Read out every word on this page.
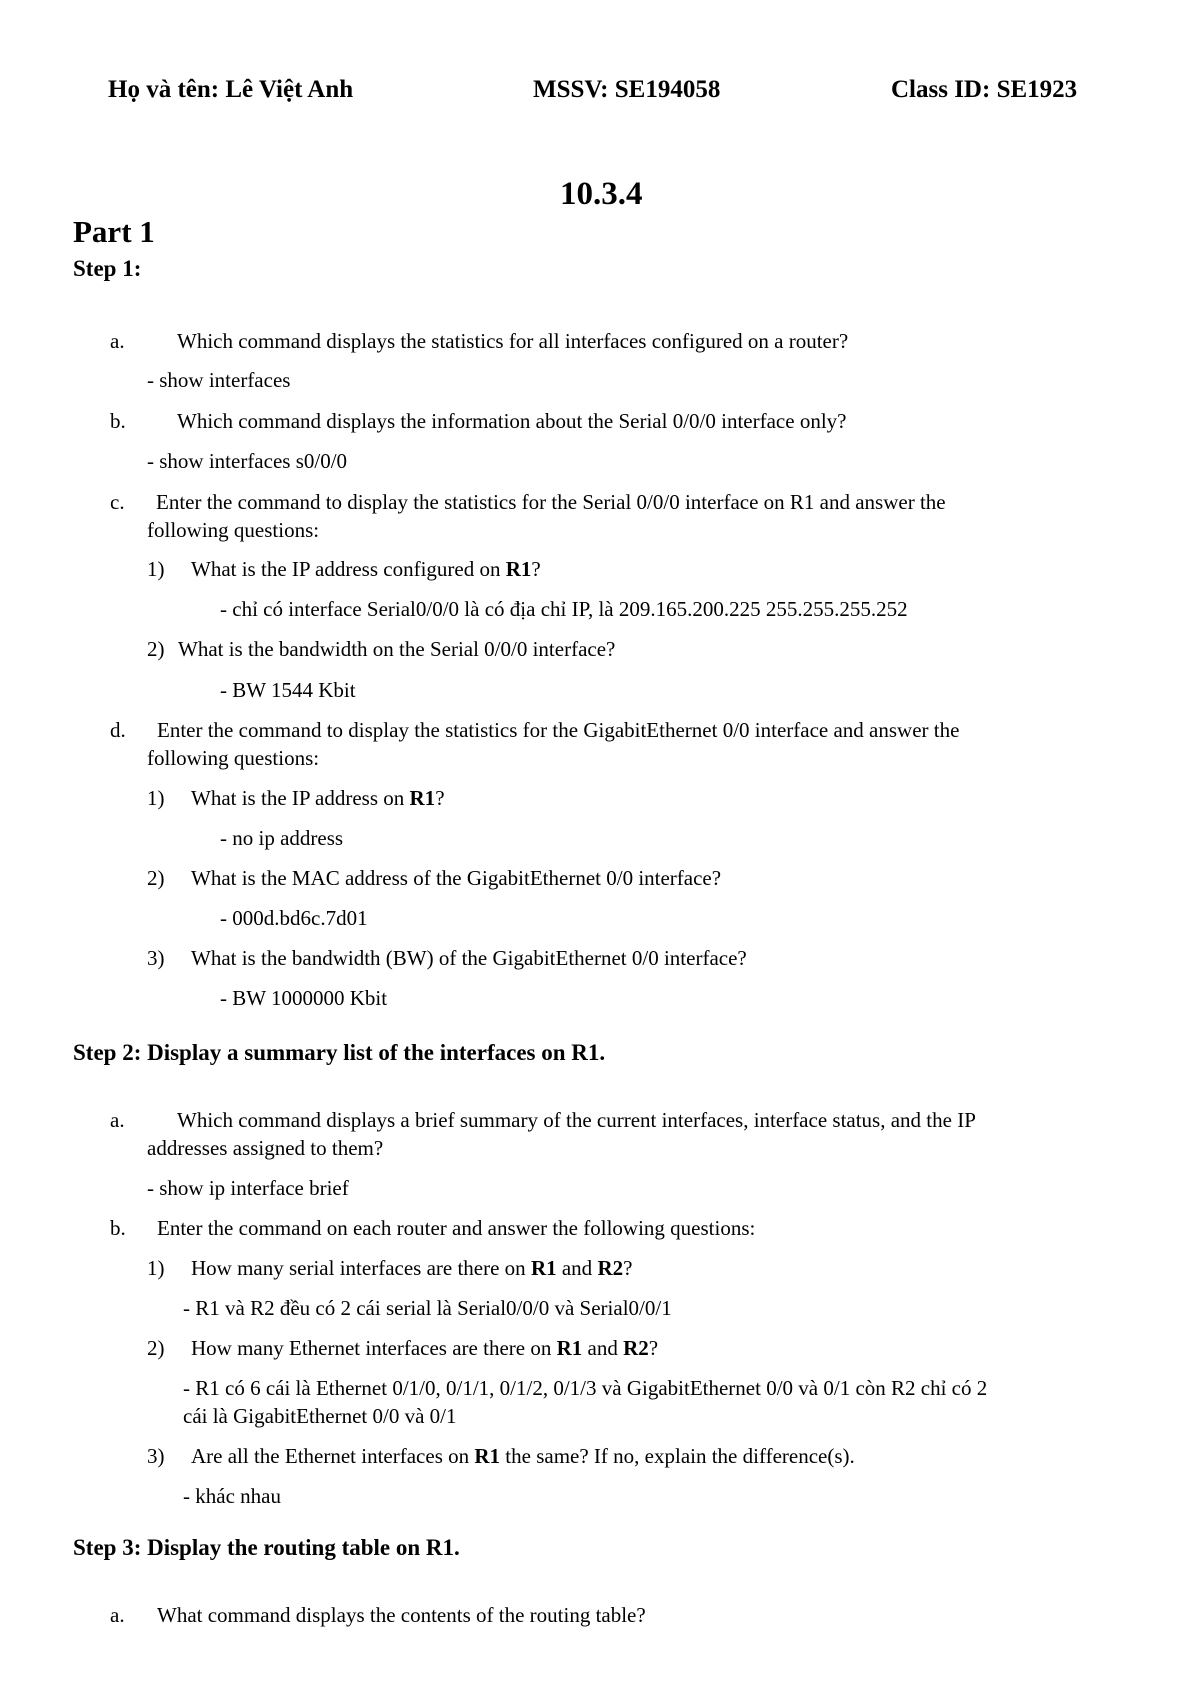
Họ và tên: Lê Việt Anh	MSSV: SE194058	Class ID: SE1923
10.3.4
Part 1
Step 1:
a. Which command displays the statistics for all interfaces configured on a router?
- show interfaces
b. Which command displays the information about the Serial 0/0/0 interface only?
- show interfaces s0/0/0
c. Enter the command to display the statistics for the Serial 0/0/0 interface on R1 and answer the
following questions:
1) What is the IP address configured on R1?
- chỉ có interface Serial0/0/0 là có địa chỉ IP, là 209.165.200.225 255.255.255.252
2) What is the bandwidth on the Serial 0/0/0 interface?
- BW 1544 Kbit
d. Enter the command to display the statistics for the GigabitEthernet 0/0 interface and answer the
following questions:
1) What is the IP address on R1?
- no ip address
2) What is the MAC address of the GigabitEthernet 0/0 interface?
- 000d.bd6c.7d01
3) What is the bandwidth (BW) of the GigabitEthernet 0/0 interface?
- BW 1000000 Kbit
Step 2: Display a summary list of the interfaces on R1.
a. Which command displays a brief summary of the current interfaces, interface status, and the IP
addresses assigned to them?
- show ip interface brief
b. Enter the command on each router and answer the following questions:
1) How many serial interfaces are there on R1 and R2?
- R1 và R2 đều có 2 cái serial là Serial0/0/0 và Serial0/0/1
2) How many Ethernet interfaces are there on R1 and R2?
- R1 có 6 cái là Ethernet 0/1/0, 0/1/1, 0/1/2, 0/1/3 và GigabitEthernet 0/0 và 0/1 còn R2 chỉ có 2
cái là GigabitEthernet 0/0 và 0/1
3) Are all the Ethernet interfaces on R1 the same? If no, explain the difference(s).
- khác nhau
Step 3: Display the routing table on R1.
a. What command displays the contents of the routing table?
